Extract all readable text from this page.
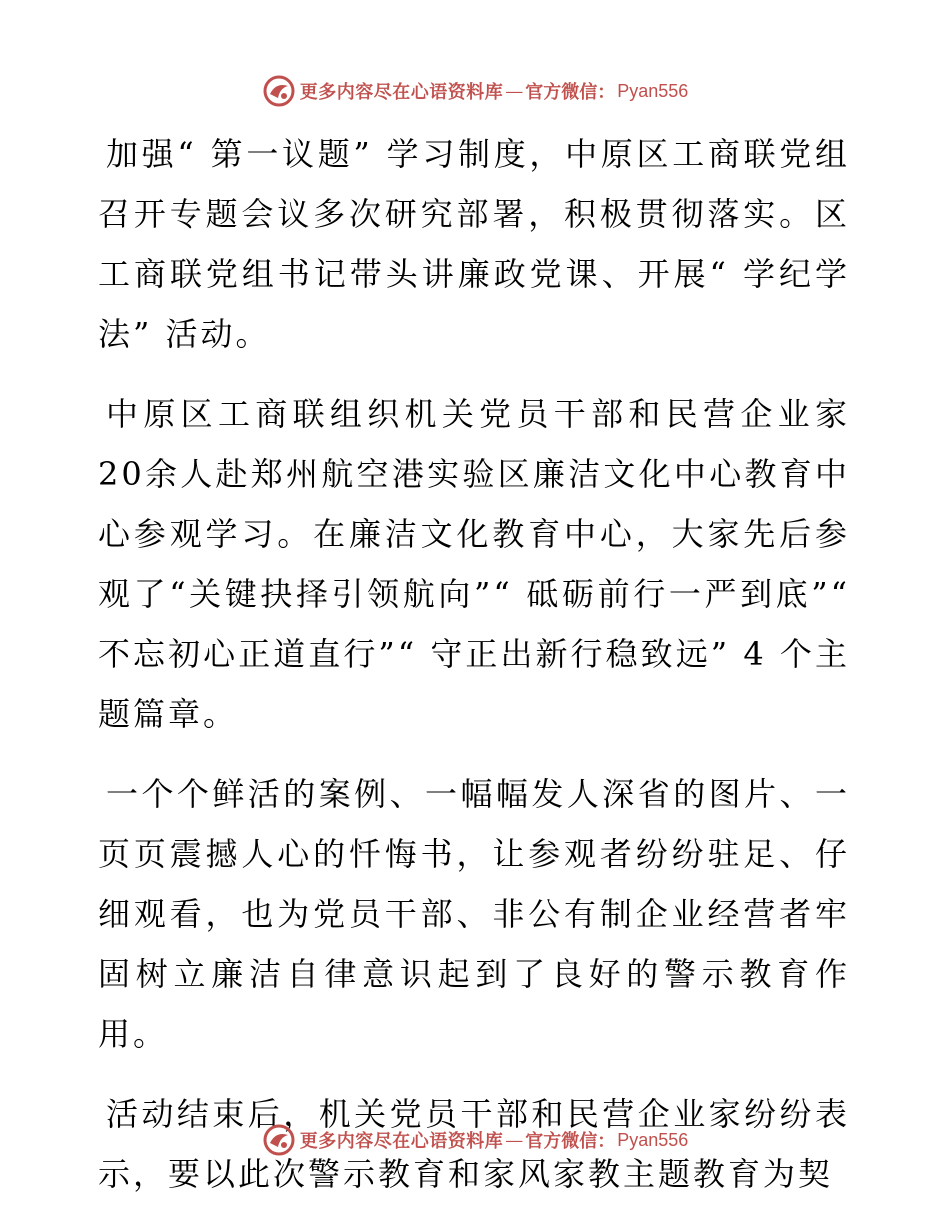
更多内容尽在心语资料库 — 官方微信： Pyan556

加强“ 第一议题” 学习制度，中原区工商联党组召开专题会议多次研究部署，积极贯彻落实。区工商联党组书记带头讲廉政党课、开展“ 学纪学法” 活动。

中原区工商联组织机关党员干部和民营企业家 20余人赴郑州航空港实验区廉洁文化中心教育中心参观学习。在廉洁文化教育中心，大家先后参观了“关键抉择引领航向”“ 砥砺前行一严到底”“ 不忘初心正道直行”“ 守正出新行稳致远” 4 个主题篇章。

一个个鲜活的案例、一幅幅发人深省的图片、一页页震撼人心的忏悔书，让参观者纷纷驻足、仔细观看，也为党员干部、非公有制企业经营者牢固树立廉洁自律意识起到了良好的警示教育作用。

活动结束后，机关党员干部和民营企业家纷纷表示，要以此次警示教育和家风家教主题教育为契

更多内容尽在心语资料库 — 官方微信： Pyan556
